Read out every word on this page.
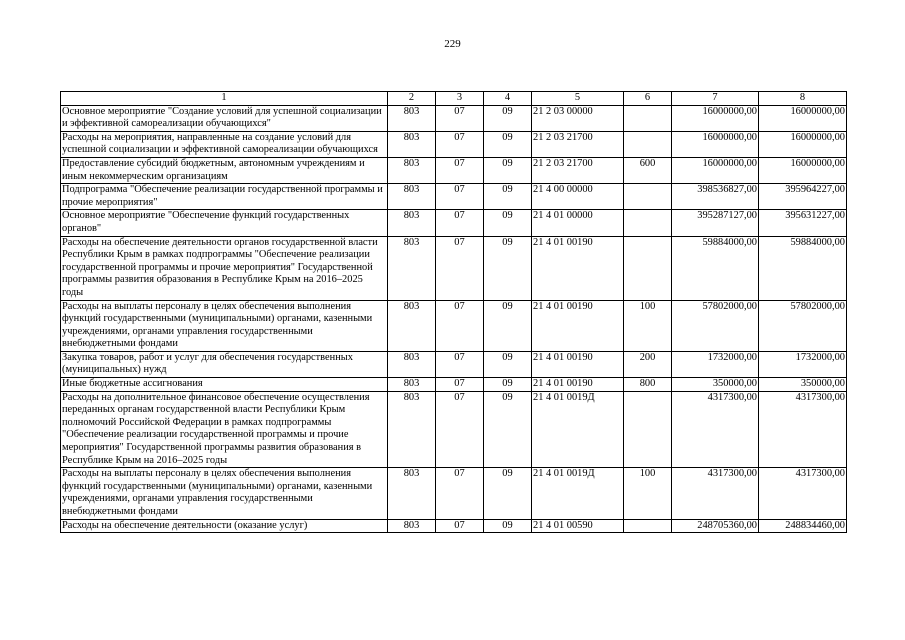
229
1	2	3	4	5	6	7	8
Основное мероприятие "Создание условий для успешной социализации и эффективной самореализации обучающихся"	803	07	09	21 2 03 00000		16000000,00	16000000,00
Расходы на мероприятия, направленные на создание условий для успешной социализации и эффективной самореализации обучающихся	803	07	09	21 2 03 21700		16000000,00	16000000,00
Предоставление субсидий бюджетным, автономным учреждениям и иным некоммерческим организациям	803	07	09	21 2 03 21700	600	16000000,00	16000000,00
Подпрограмма "Обеспечение реализации государственной программы и прочие мероприятия"	803	07	09	21 4 00 00000		398536827,00	395964227,00
Основное мероприятие "Обеспечение функций государственных органов"	803	07	09	21 4 01 00000		395287127,00	395631227,00
Расходы на обеспечение деятельности органов государственной власти Республики Крым в рамках подпрограммы "Обеспечение реализации государственной программы и прочие мероприятия" Государственной программы развития образования в Республике Крым на 2016–2025 годы	803	07	09	21 4 01 00190		59884000,00	59884000,00
Расходы на выплаты персоналу в целях обеспечения выполнения функций государственными (муниципальными) органами, казенными учреждениями, органами управления государственными внебюджетными фондами	803	07	09	21 4 01 00190	100	57802000,00	57802000,00
Закупка товаров, работ и услуг для обеспечения государственных (муниципальных) нужд	803	07	09	21 4 01 00190	200	1732000,00	1732000,00
Иные бюджетные ассигнования	803	07	09	21 4 01 00190	800	350000,00	350000,00
Расходы на дополнительное финансовое обеспечение осуществления переданных органам государственной власти Республики Крым полномочий Российской Федерации в рамках подпрограммы "Обеспечение реализации государственной программы и прочие мероприятия" Государственной программы развития образования в Республике Крым на 2016–2025 годы	803	07	09	21 4 01 0019Д		4317300,00	4317300,00
Расходы на выплаты персоналу в целях обеспечения выполнения функций государственными (муниципальными) органами, казенными учреждениями, органами управления государственными внебюджетными фондами	803	07	09	21 4 01 0019Д	100	4317300,00	4317300,00
Расходы на обеспечение деятельности (оказание услуг)	803	07	09	21 4 01 00590		248705360,00	248834460,00
